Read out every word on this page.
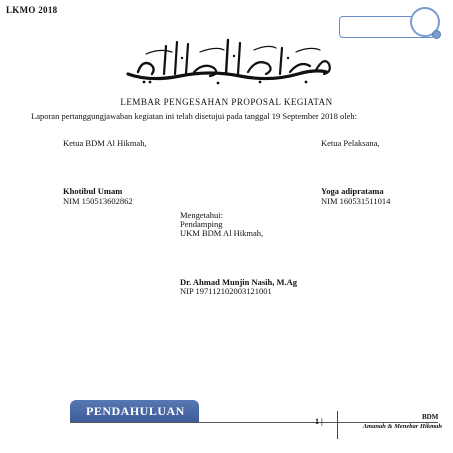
LKMO 2018
LEMBAR PENGESAHAN PROPOSAL KEGIATAN
Laporan pertanggungjawaban kegiatan ini telah disetujui pada tanggal 19 September 2018 oleh:
Ketua BDM Al Hikmah,
Khotibul Umam
NIM 150513602862
Ketua Pelaksana,
Yoga adipratama
NIM 160531511014
Mengetahui:
Pendamping
UKM BDM Al Hikmah,
Dr. Ahmad Munjin Nasih, M.Ag
NIP 197112102003121001
PENDAHULUAN
1 |	BDM
Amanah & Menebar Hikmah
